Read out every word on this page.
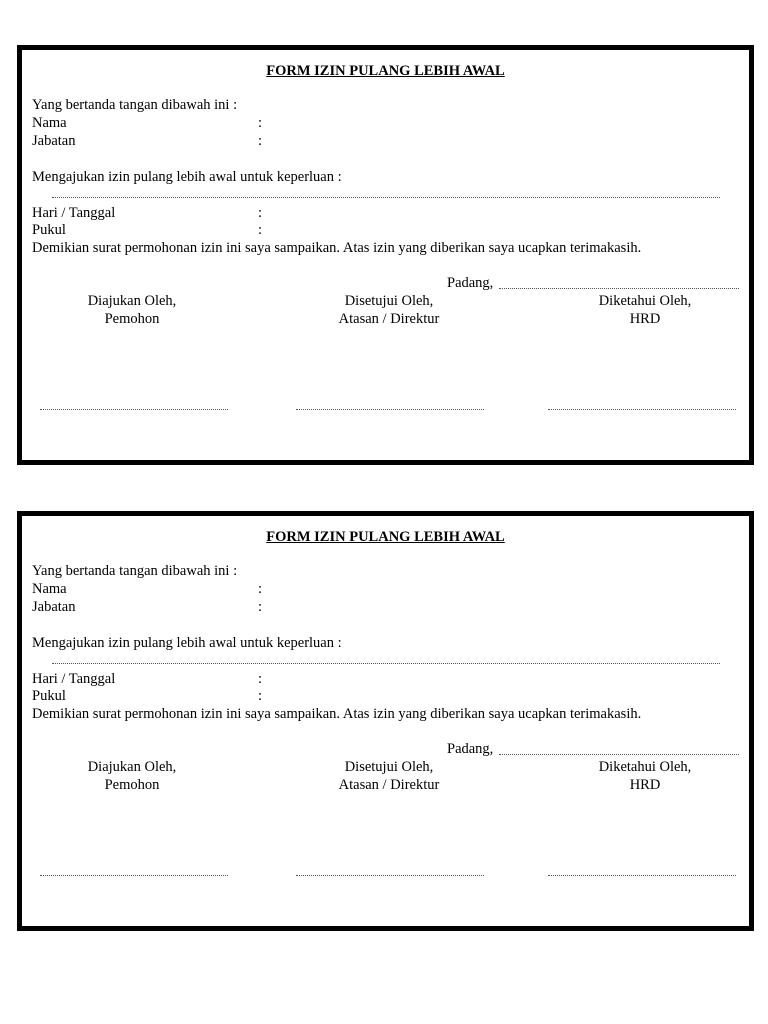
FORM IZIN PULANG LEBIH AWAL
Yang bertanda tangan dibawah ini :
Nama	:
Jabatan	:
Mengajukan izin pulang lebih awal untuk keperluan :
Hari / Tanggal	:
Pukul	:
Demikian surat permohonan izin ini saya sampaikan. Atas izin yang diberikan saya ucapkan terimakasih.
Padang,
Diajukan Oleh,
Pemohon
Disetujui Oleh,
Atasan / Direktur
Diketahui Oleh,
HRD
FORM IZIN PULANG LEBIH AWAL
Yang bertanda tangan dibawah ini :
Nama	:
Jabatan	:
Mengajukan izin pulang lebih awal untuk keperluan :
Hari / Tanggal	:
Pukul	:
Demikian surat permohonan izin ini saya sampaikan. Atas izin yang diberikan saya ucapkan terimakasih.
Padang,
Diajukan Oleh,
Pemohon
Disetujui Oleh,
Atasan / Direktur
Diketahui Oleh,
HRD
